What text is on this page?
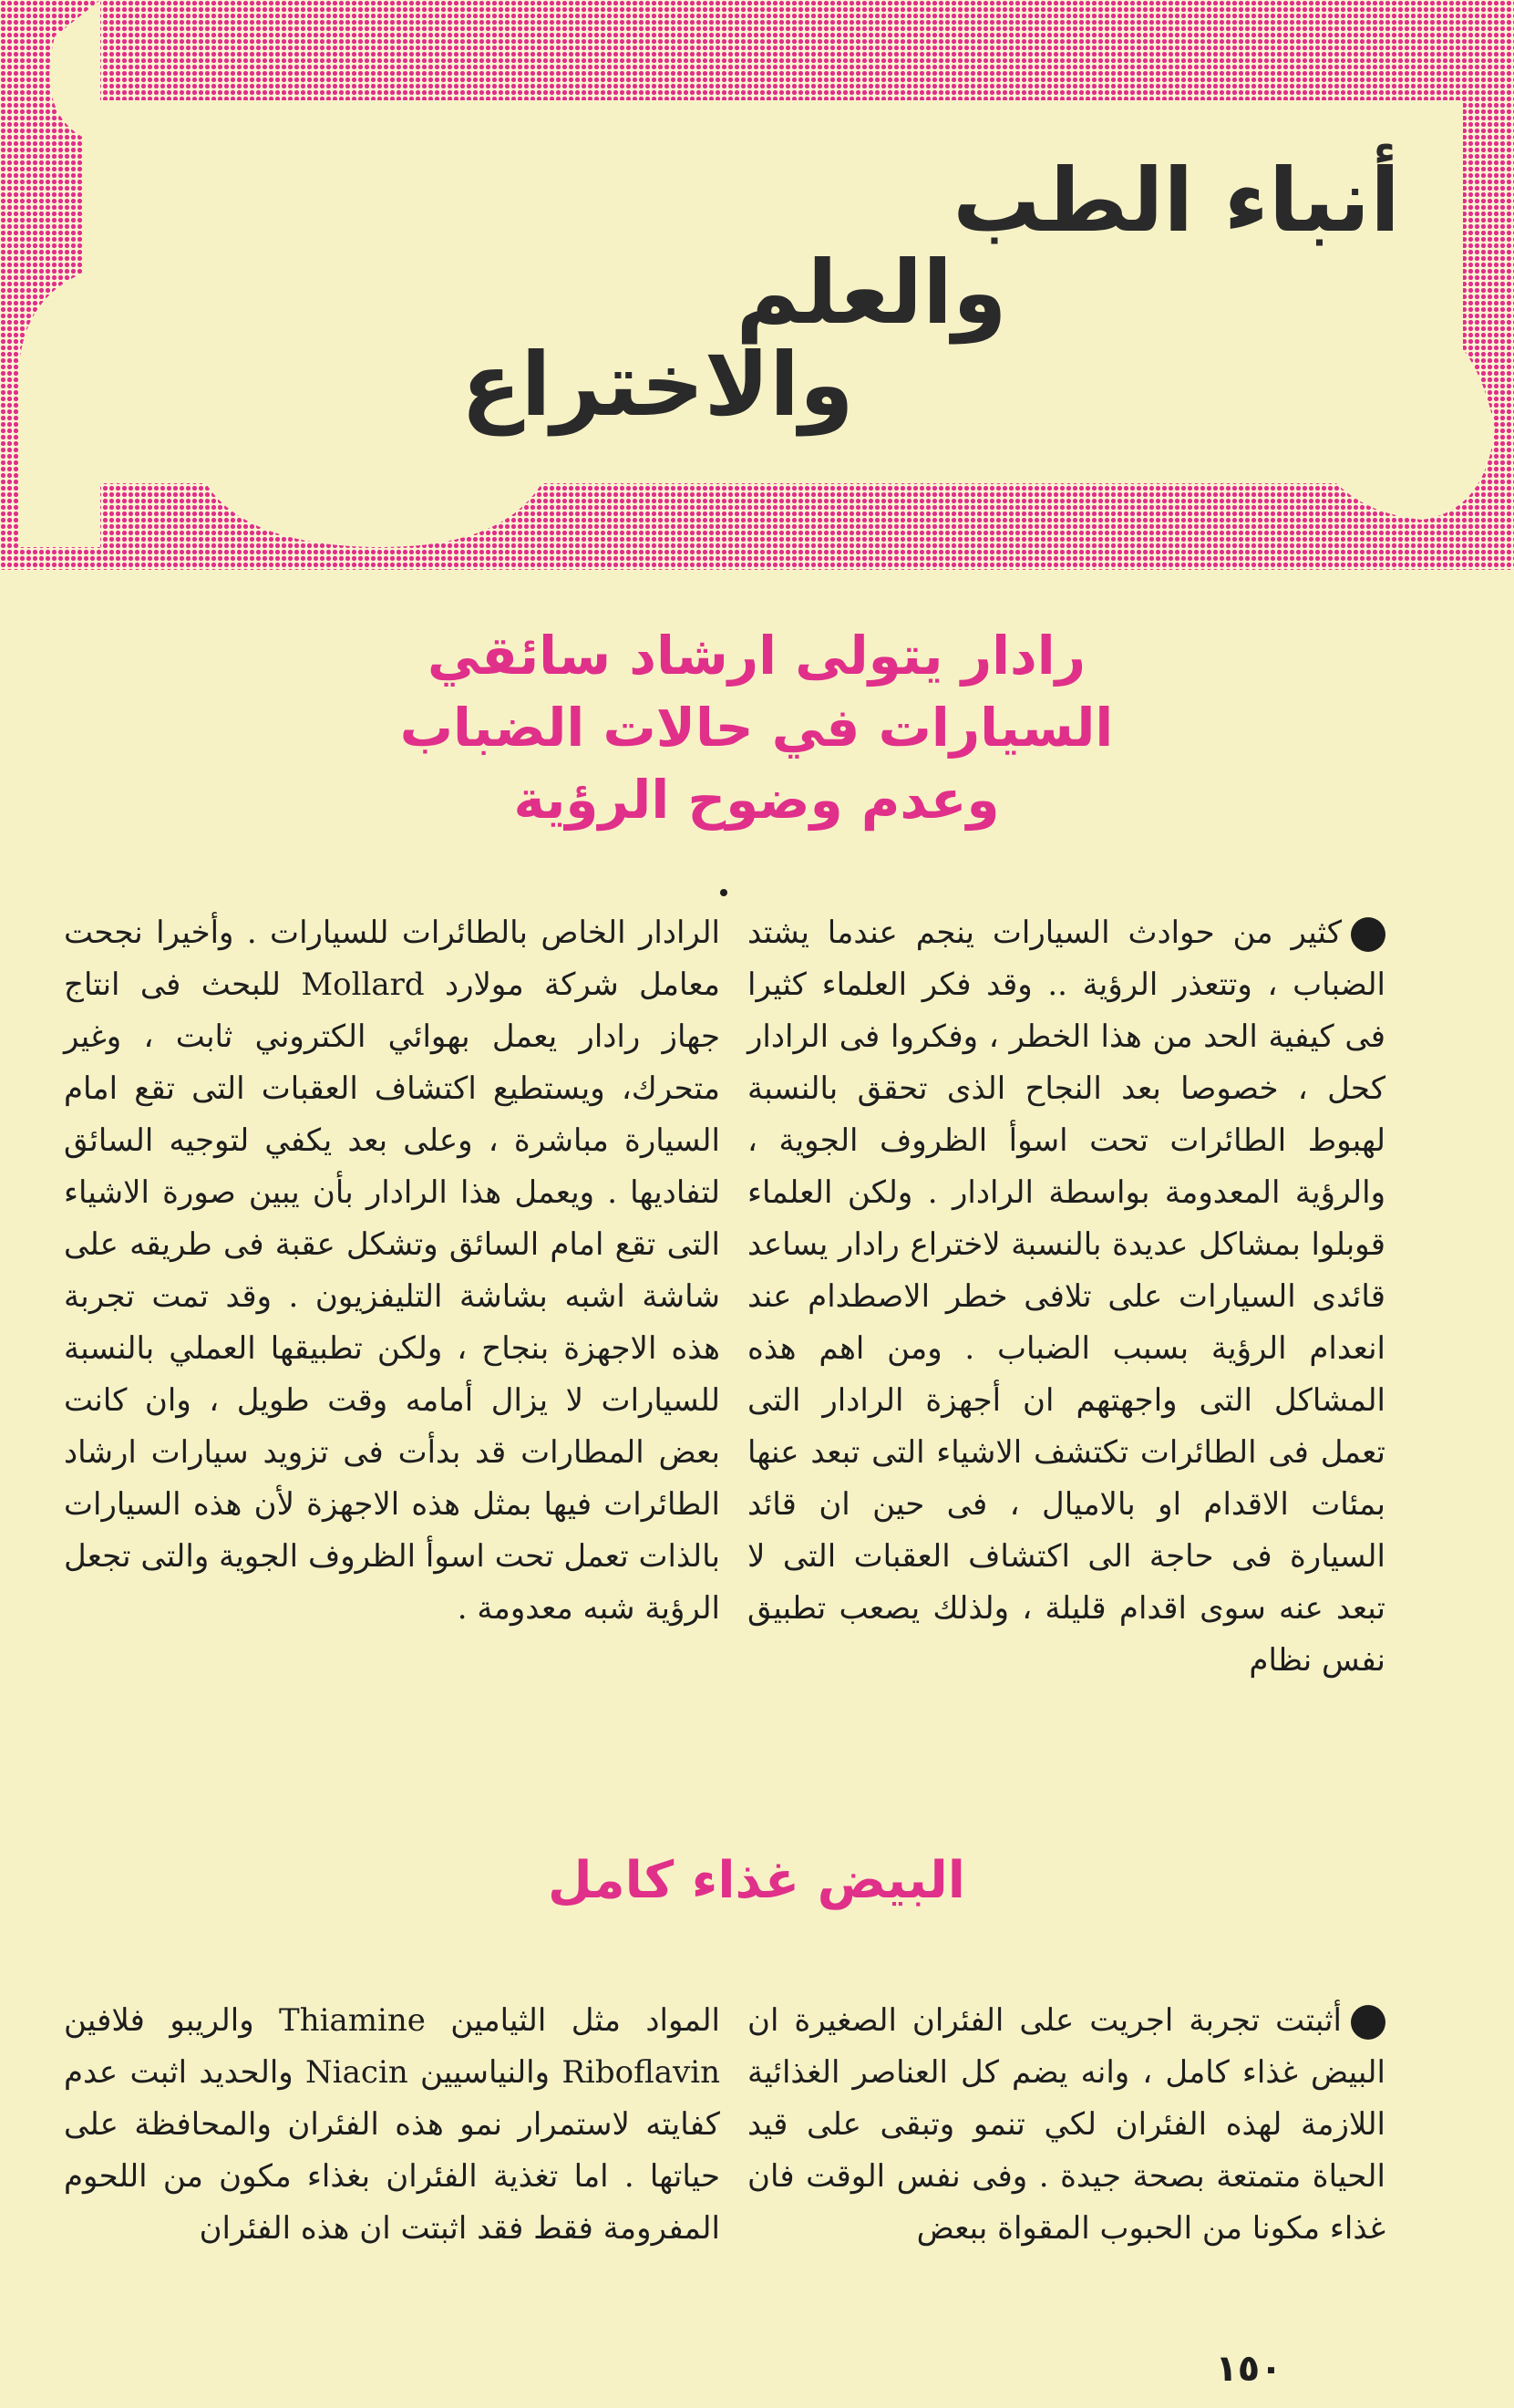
أنباء الطب
والعلم
والاختراع
رادار يتولى ارشاد سائقي
السيارات في حالات الضباب
وعدم وضوح الرؤية
كثير من حوادث السيارات ينجم عندما يشتد الضباب ، وتتعذر الرؤية .. وقد فكر العلماء كثيرا فى كيفية الحد من هذا الخطر ، وفكروا فى الرادار كحل ، خصوصا بعد النجاح الذى تحقق بالنسبة لهبوط الطائرات تحت اسوأ الظروف الجوية ، والرؤية المعدومة بواسطة الرادار . ولكن العلماء قوبلوا بمشاكل عديدة بالنسبة لاختراع رادار يساعد قائدى السيارات على تلافى خطر الاصطدام عند انعدام الرؤية بسبب الضباب . ومن اهم هذه المشاكل التى واجهتهم ان أجهزة الرادار التى تعمل فى الطائرات تكتشف الاشياء التى تبعد عنها بمئات الاقدام او بالاميال ، فى حين ان قائد السيارة فى حاجة الى اكتشاف العقبات التى لا تبعد عنه سوى اقدام قليلة ، ولذلك يصعب تطبيق نفس نظام
الرادار الخاص بالطائرات للسيارات . وأخيرا نجحت معامل شركة مولارد Mollard للبحث فى انتاج جهاز رادار يعمل بهوائي الكتروني ثابت ، وغير متحرك، ويستطيع اكتشاف العقبات التى تقع امام السيارة مباشرة ، وعلى بعد يكفي لتوجيه السائق لتفاديها . ويعمل هذا الرادار بأن يبين صورة الاشياء التى تقع امام السائق وتشكل عقبة فى طريقه على شاشة اشبه بشاشة التليفزيون . وقد تمت تجربة هذه الاجهزة بنجاح ، ولكن تطبيقها العملي بالنسبة للسيارات لا يزال أمامه وقت طويل ، وان كانت بعض المطارات قد بدأت فى تزويد سيارات ارشاد الطائرات فيها بمثل هذه الاجهزة لأن هذه السيارات بالذات تعمل تحت اسوأ الظروف الجوية والتى تجعل الرؤية شبه معدومة .
البيض غذاء كامل
أثبتت تجربة اجريت على الفئران الصغيرة ان البيض غذاء كامل ، وانه يضم كل العناصر الغذائية اللازمة لهذه الفئران لكي تنمو وتبقى على قيد الحياة متمتعة بصحة جيدة . وفى نفس الوقت فان غذاء مكونا من الحبوب المقواة ببعض
المواد مثل الثيامين Thiamine والريبو فلافين Riboflavin والنياسيين Niacin والحديد اثبت عدم كفايته لاستمرار نمو هذه الفئران والمحافظة على حياتها . اما تغذية الفئران بغذاء مكون من اللحوم المفرومة فقط فقد اثبتت ان هذه الفئران
١٥٠
